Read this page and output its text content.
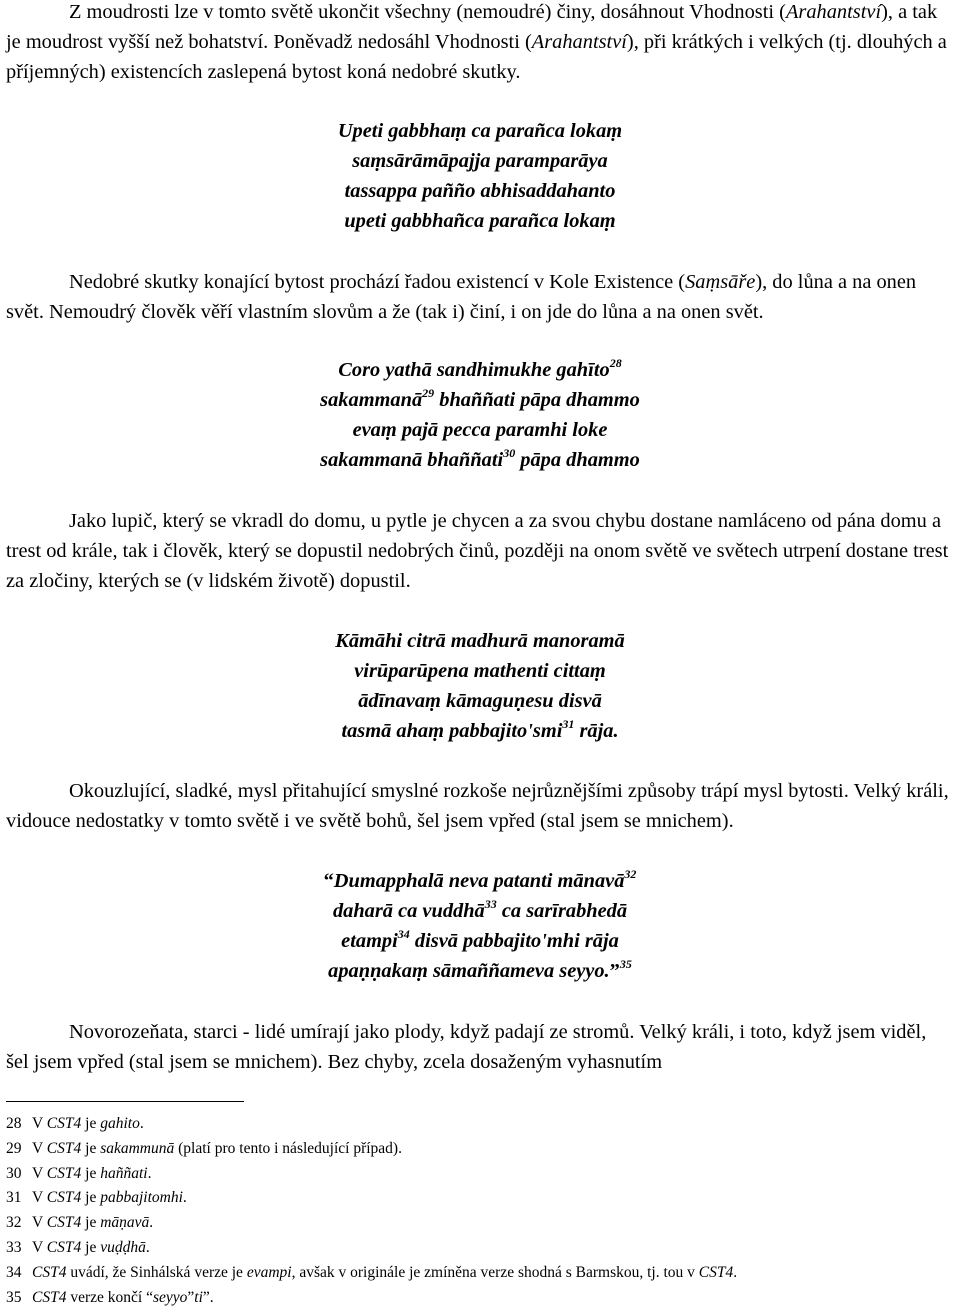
Z moudrosti lze v tomto světě ukončit všechny (nemoudré) činy, dosáhnout Vhodnosti (Arahantství), a tak je moudrost vyšší než bohatství. Poněvadž nedosáhl Vhodnosti (Arahantství), při krátkých i velkých (tj. dlouhých a příjemných) existencích zaslepená bytost koná nedobré skutky.

Upeti gabbhaṃ ca parañca lokaṃ
saṃsārāmāpajja paramparāya
tassappa pañño abhisaddahanto
upeti gabbhañca parañca lokaṃ

Nedobré skutky konající bytost prochází řadou existencí v Kole Existence (Saṃsāře), do lůna a na onen svět. Nemoudrý člověk věří vlastním slovům a že (tak i) činí, i on jde do lůna a na onen svět.

Coro yathā sandhimukhe gahīto$^{28}$
sakammanā$^{29}$ bhaññati pāpa dhammo
evaṃ pajā pecca paramhi loke
sakammanā bhaññati$^{30}$ pāpa dhammo

Jako lupič, který se vkradl do domu, u pytle je chycen a za svou chybu dostane namláceno od pána domu a trest od krále, tak i člověk, který se dopustil nedobrých činů, později na onom světě ve světech utrpení dostane trest za zločiny, kterých se (v lidském životě) dopustil.

Kāmāhi citrā madhurā manoramā
virūparūpena mathenti cittaṃ
ādīnavaṃ kāmaguṇesu disvā
tasmā ahaṃ pabbajito'smi$^{31}$ rāja.

Okouzlující, sladké, mysl přitahující smyslné rozkoše nejrůznějšími způsoby trápí mysl bytosti. Velký králi, vidouce nedostatky v tomto světě i ve světě bohů, šel jsem vpřed (stal jsem se mnichem).

“Dumapphalā neva patanti mānavā$^{32}$
daharā ca vuddhā$^{33}$ ca sarīrabhedā
etampi$^{34}$ disvā pabbajito'mhi rāja
apaṇṇakaṃ sāmaññameva seyyo.”$^{35}$

Novorozeňata, starci - lidé umírají jako plody, když padají ze stromů. Velký králi, i toto, když jsem viděl, šel jsem vpřed (stal jsem se mnichem). Bez chyby, zcela dosaženým vyhasnutím

28 V CST4 je gahito.
29 V CST4 je sakammunā (platí pro tento i následující případ).
30 V CST4 je haññati.
31 V CST4 je pabbajitomhi.
32 V CST4 je māṇavā.
33 V CST4 je vuḍḍhā.
34 CST4 uvádí, že Sinhálská verze je evampi, avšak v originále je zmíněna verze shodná s Barmskou, tj. tou v CST4.
35 CST4 verze končí “seyyo”ti”.
